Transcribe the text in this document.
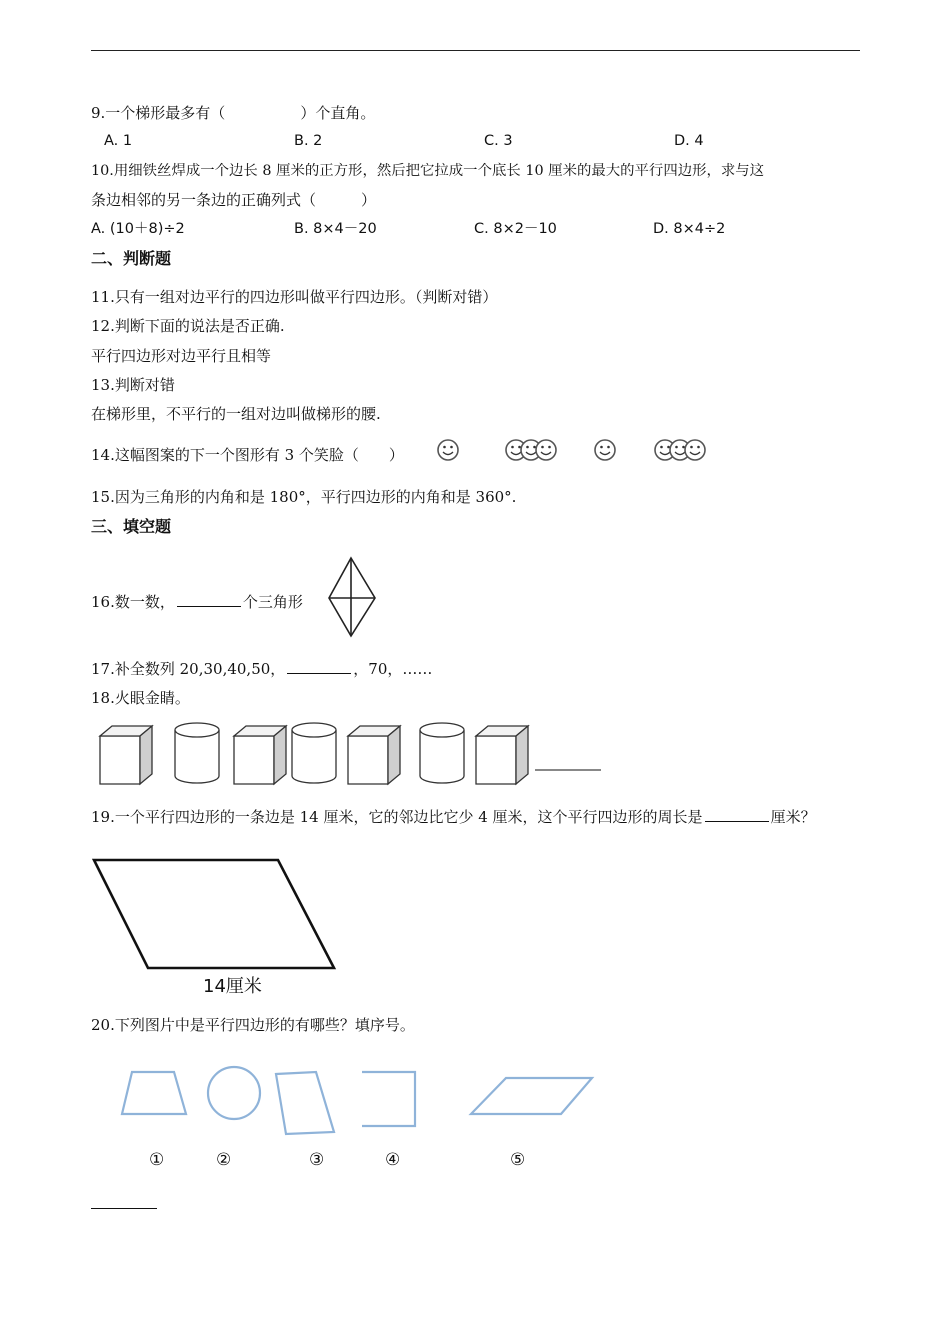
9.一个梯形最多有（　　　　　）个直角。
A. 1	B. 2	C. 3	D. 4
10.用细铁丝焊成一个边长 8 厘米的正方形，然后把它拉成一个底长 10 厘米的最大的平行四边形，求与这
条边相邻的另一条边的正确列式（　　　）
A. (10＋8)÷2	B. 8×4－20	C. 8×2－10	D. 8×4÷2
二、判断题
11.只有一组对边平行的四边形叫做平行四边形。（判断对错）
12.判断下面的说法是否正确.
平行四边形对边平行且相等
13.判断对错
在梯形里，不平行的一组对边叫做梯形的腰.
14.这幅图案的下一个图形有 3 个笑脸（　　）
15.因为三角形的内角和是 180°，平行四边形的内角和是 360°.
三、填空题
16.数一数，	个三角形
17.补全数列 20,30,40,50，	，70，……
18.火眼金睛。
19.一个平行四边形的一条边是 14 厘米，它的邻边比它少 4 厘米，这个平行四边形的周长是	厘米？
14厘米
20.下列图片中是平行四边形的有哪些？填序号。
①	②	③	④	⑤
